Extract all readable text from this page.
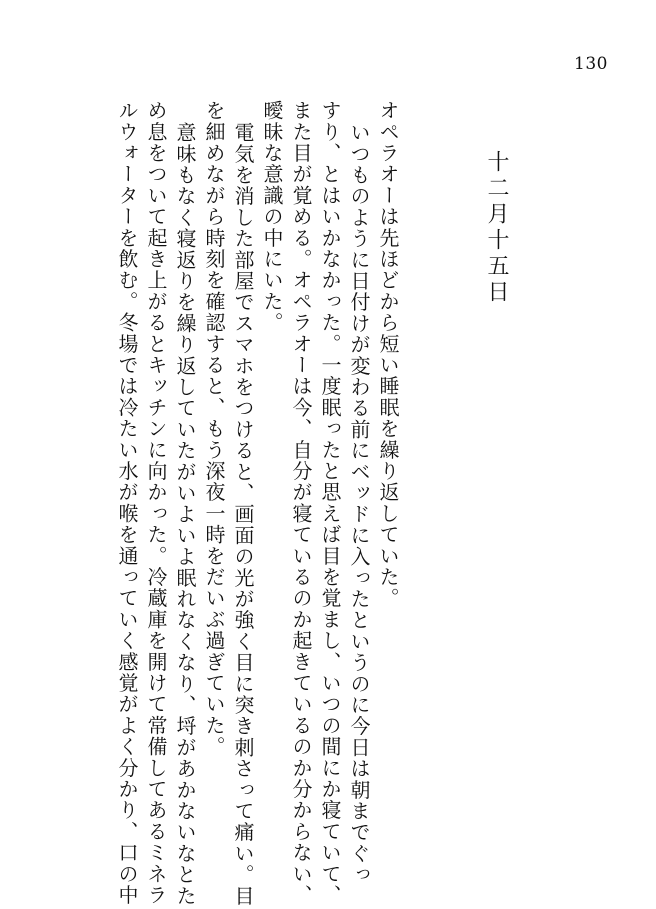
130
十二月十五日
オペラオーは先ほどから短い睡眠を繰り返していた。
いつものように日付けが変わる前にベッドに入ったというのに今日は朝までぐっ
すり、とはいかなかった。一度眠ったと思えば目を覚まし、いつの間にか寝ていて、
また目が覚める。オペラオーは今、自分が寝ているのか起きているのか分からない、
曖昧な意識の中にいた。
電気を消した部屋でスマホをつけると、画面の光が強く目に突き刺さって痛い。目
を細めながら時刻を確認すると、もう深夜一時をだいぶ過ぎていた。
意味もなく寝返りを繰り返していたがいよいよ眠れなくなり、埒があかないなとた
め息をついて起き上がるとキッチンに向かった。冷蔵庫を開けて常備してあるミネラ
ルウォーターを飲む。冬場では冷たい水が喉を通っていく感覚がよく分かり、口の中
